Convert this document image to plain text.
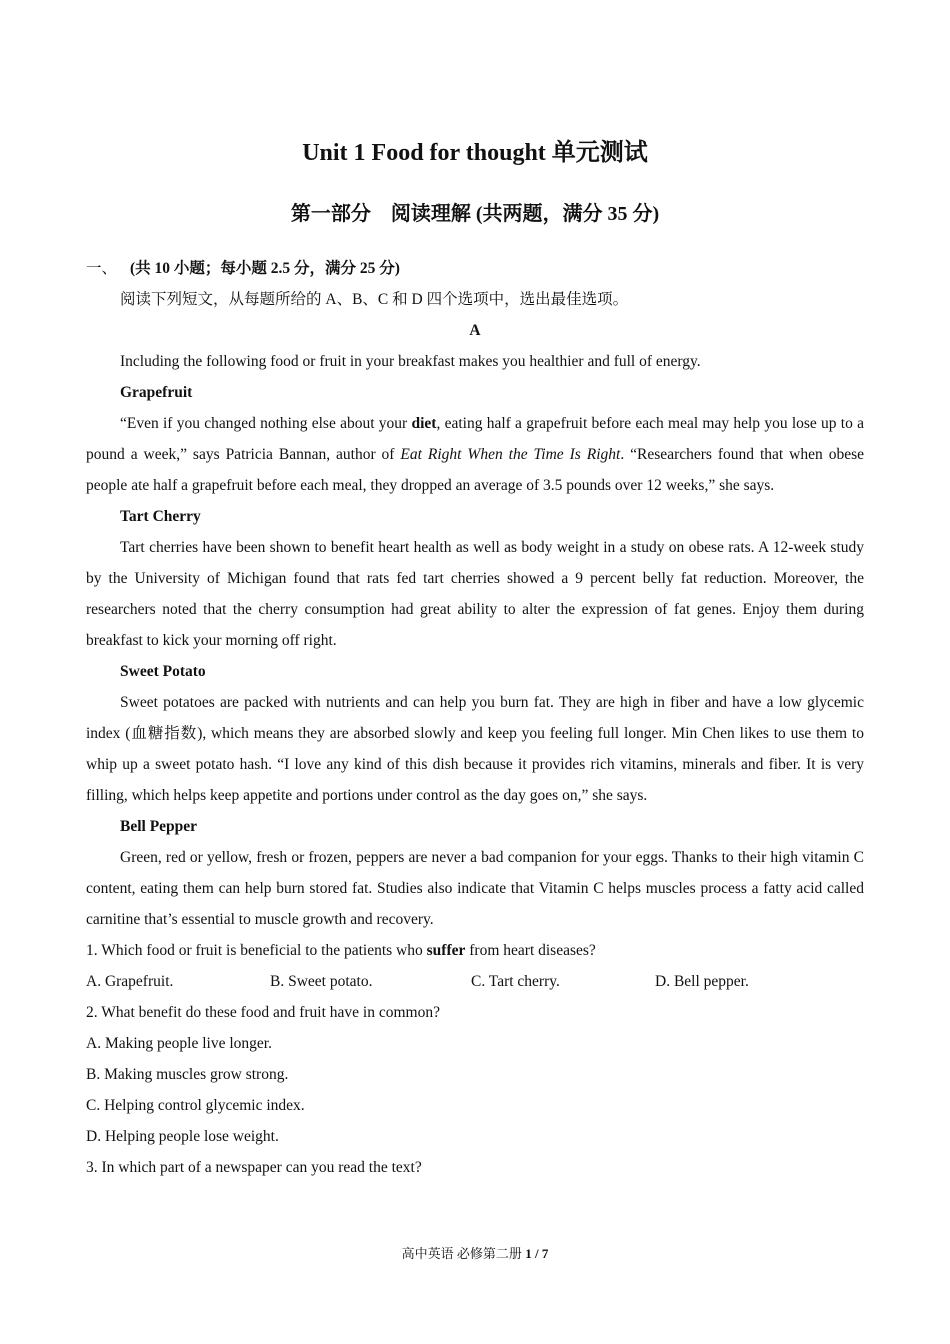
Unit 1 Food for thought 单元测试
第一部分　阅读理解 (共两题，满分 35 分)

一、 (共 10 小题；每小题 2.5 分，满分 25 分)

阅读下列短文，从每题所给的 A、B、C 和 D 四个选项中，选出最佳选项。

A

Including the following food or fruit in your breakfast makes you healthier and full of energy.

Grapefruit

“Even if you changed nothing else about your diet, eating half a grapefruit before each meal may help you lose up to a pound a week,” says Patricia Bannan, author of Eat Right When the Time Is Right. “Researchers found that when obese people ate half a grapefruit before each meal, they dropped an average of 3.5 pounds over 12 weeks,” she says.

Tart Cherry

Tart cherries have been shown to benefit heart health as well as body weight in a study on obese rats. A 12-week study by the University of Michigan found that rats fed tart cherries showed a 9 percent belly fat reduction. Moreover, the researchers noted that the cherry consumption had great ability to alter the expression of fat genes. Enjoy them during breakfast to kick your morning off right.

Sweet Potato

Sweet potatoes are packed with nutrients and can help you burn fat. They are high in fiber and have a low glycemic index (血糖指数), which means they are absorbed slowly and keep you feeling full longer. Min Chen likes to use them to whip up a sweet potato hash. “I love any kind of this dish because it provides rich vitamins, minerals and fiber. It is very filling, which helps keep appetite and portions under control as the day goes on,” she says.

Bell Pepper

Green, red or yellow, fresh or frozen, peppers are never a bad companion for your eggs. Thanks to their high vitamin C content, eating them can help burn stored fat. Studies also indicate that Vitamin C helps muscles process a fatty acid called carnitine that’s essential to muscle growth and recovery.

1. Which food or fruit is beneficial to the patients who suffer from heart diseases?

A. Grapefruit.	B. Sweet potato.	C. Tart cherry.	D. Bell pepper.

2. What benefit do these food and fruit have in common?

A. Making people live longer.

B. Making muscles grow strong.

C. Helping control glycemic index.

D. Helping people lose weight.

3. In which part of a newspaper can you read the text?

高中英语 必修第二册 1 / 7
